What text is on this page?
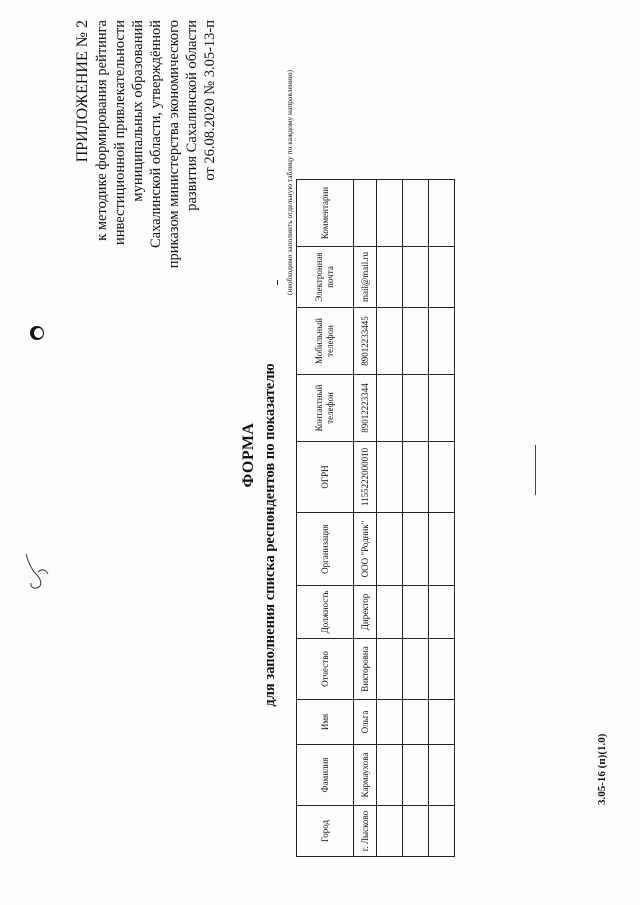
ПРИЛОЖЕНИЕ № 2 к методике формирования рейтинга инвестиционной привлекательности муниципальных образований Сахалинской области, утверждённой приказом министерства экономического развития Сахалинской области от 26.08.2020 № 3.05-13-п
ФОРМА для заполнения списка респондентов по показателю
(необходимо заполнить отдельную таблицу по каждому направлению)
Город	Фамилия	Имя	Отчество	Должность	Организация	ОГРН	Контактный телефон	Мобильный телефон	Электронная почта	Комментарии
г. Лысково	Кармаухова	Ольга	Викторовна	Директор	ООО "Родник"	1155222000010	89012223344	89012233445	mail@mail.ru	

3.05-16 (п)(1.0)
